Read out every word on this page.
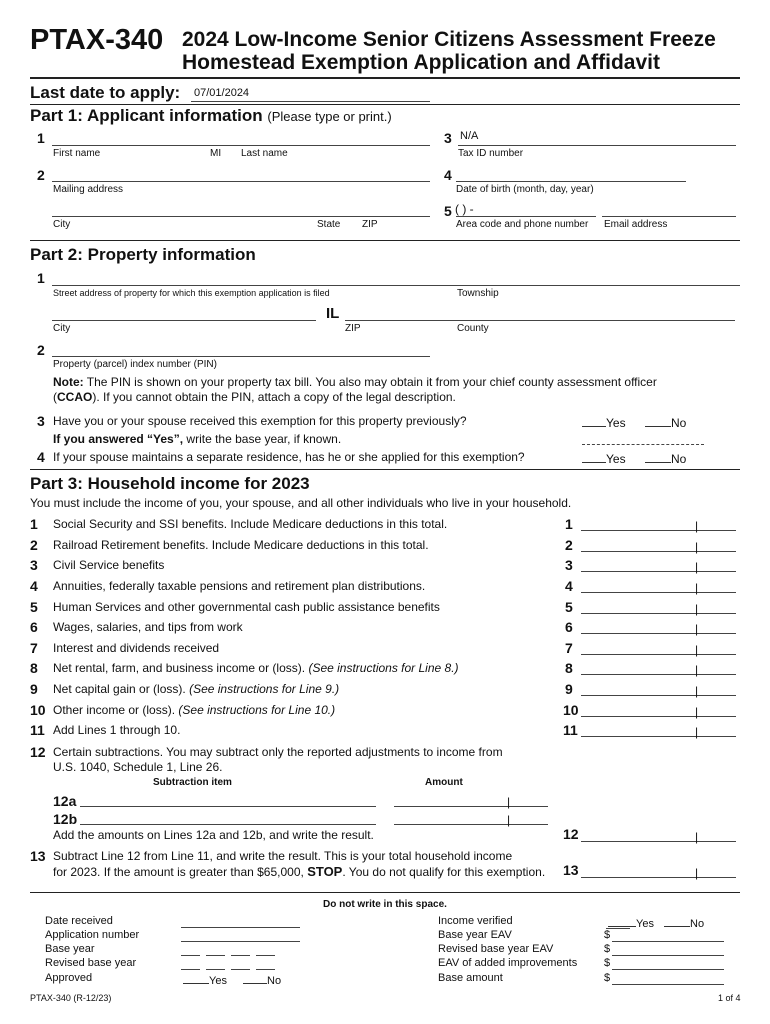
PTAX-340 2024 Low-Income Senior Citizens Assessment Freeze
Homestead Exemption Application and Affidavit
Last date to apply: 07/01/2024
Part 1: Applicant information (Please type or print.)
1
First name	MI Last name
3 N/A
Tax ID number
2
Mailing address
4
Date of birth (month, day, year)
City	State ZIP
5 ( ) -
Area code and phone number Email address
Part 2: Property information
1
Street address of property for which this exemption application is filed	Township
IL
City	ZIP	County
2
Property (parcel) index number (PIN)
Note: The PIN is shown on your property tax bill. You also may obtain it from your chief county assessment officer
(CCAO). If you cannot obtain the PIN, attach a copy of the legal description.
3 Have you or your spouse received this exemption for this property previously?	Yes	No
If you answered “Yes”, write the base year, if known.
4 If your spouse maintains a separate residence, has he or she applied for this exemption?	Yes	No
Part 3: Household income for 2023
You must include the income of you, your spouse, and all other individuals who live in your household.
1 Social Security and SSI benefits. Include Medicare deductions in this total.	1	|
2 Railroad Retirement benefits. Include Medicare deductions in this total.	2	|
3 Civil Service benefits	3	|
4 Annuities, federally taxable pensions and retirement plan distributions.	4	|
5 Human Services and other governmental cash public assistance benefits	5	|
6 Wages, salaries, and tips from work	6	|
7 Interest and dividends received	7	|
8 Net rental, farm, and business income or (loss). (See instructions for Line 8.)	8	|
9 Net capital gain or (loss). (See instructions for Line 9.)	9	|
10 Other income or (loss). (See instructions for Line 10.)	10	|
11 Add Lines 1 through 10.	11	|
12 Certain subtractions. You may subtract only the reported adjustments to income from
U.S. 1040, Schedule 1, Line 26.
Subtraction item	Amount
12a	|
12b	|
Add the amounts on Lines 12a and 12b, and write the result.	12	|
13 Subtract Line 12 from Line 11, and write the result. This is your total household income
for 2023. If the amount is greater than $65,000, STOP. You do not qualify for this exemption. 13	|
Do not write in this space.
Date received
Application number
Base year
Revised base year
Approved	Yes	No
Income verified	Yes	No
Base year EAV	$
Revised base year EAV	$
EAV of added improvements $
Base amount	$
PTAX-340 (R-12/23)	1 of 4
